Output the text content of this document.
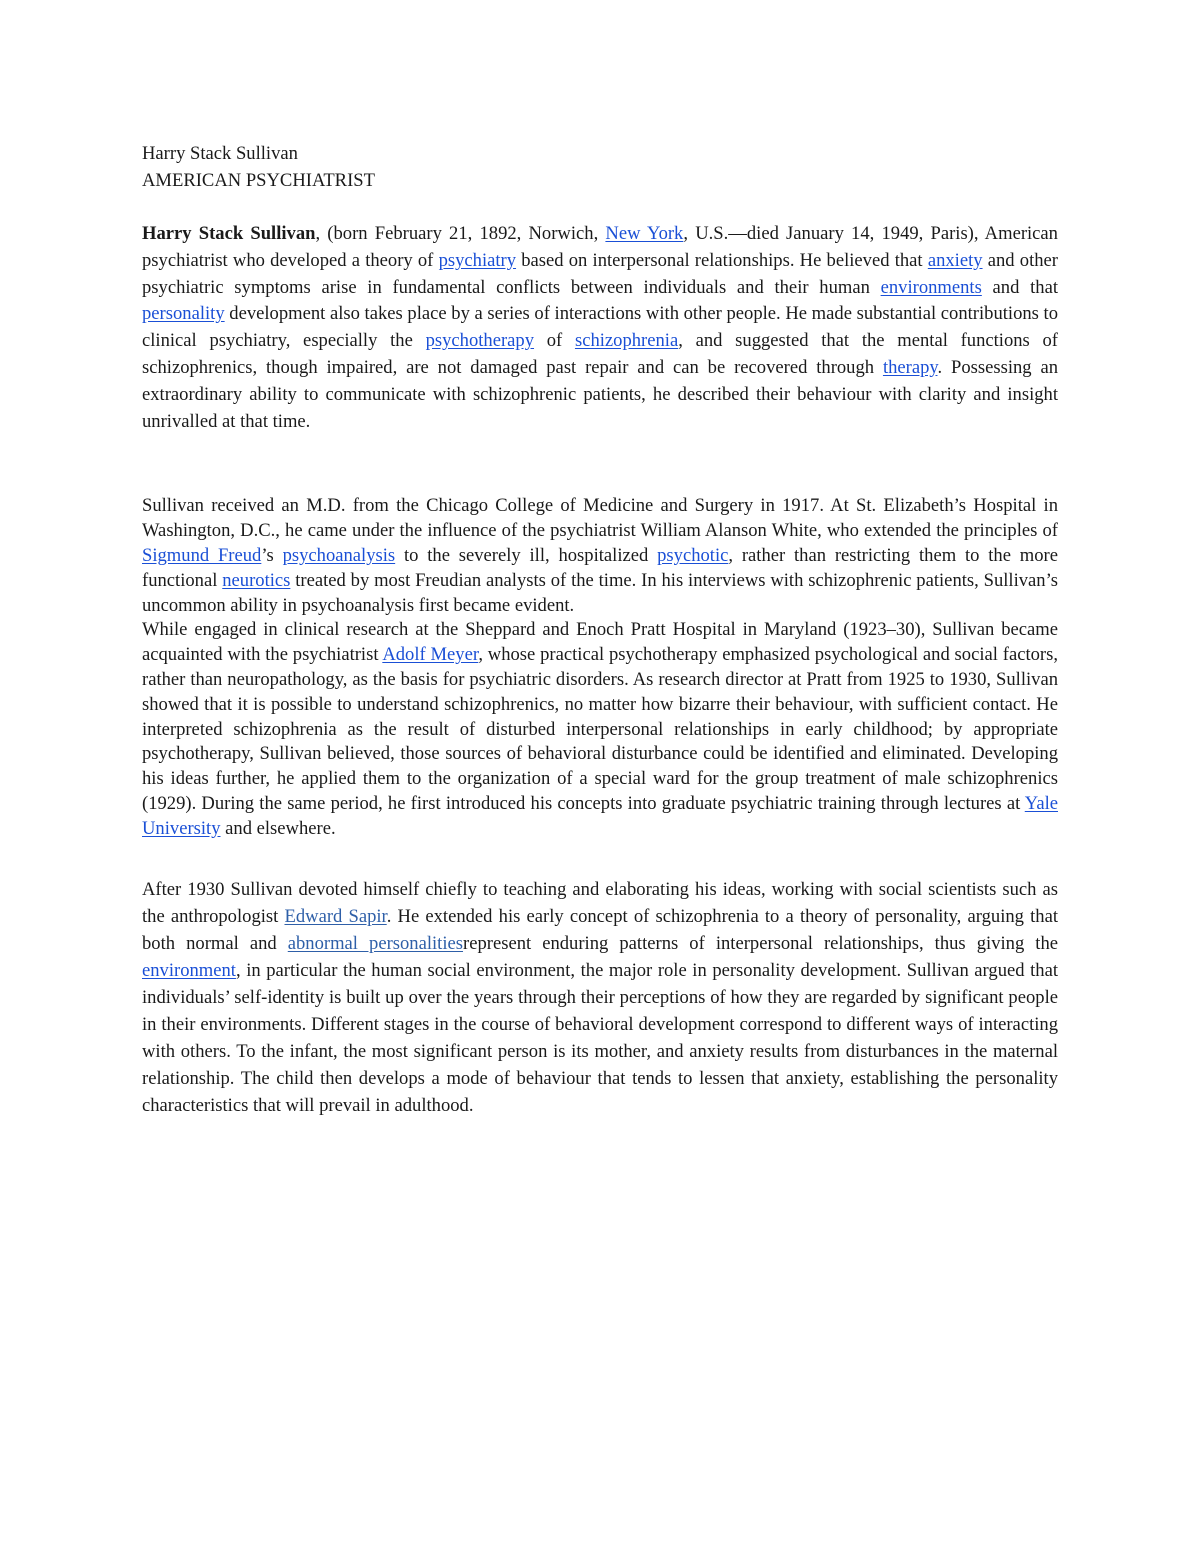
Harry Stack Sullivan

AMERICAN PSYCHIATRIST

Harry Stack Sullivan, (born February 21, 1892, Norwich, New York, U.S.—died January 14, 1949, Paris), American psychiatrist who developed a theory of psychiatry based on interpersonal relationships. He believed that anxiety and other psychiatric symptoms arise in fundamental conflicts between individuals and their human environments and that personality development also takes place by a series of interactions with other people. He made substantial contributions to clinical psychiatry, especially the psychotherapy of schizophrenia, and suggested that the mental functions of schizophrenics, though impaired, are not damaged past repair and can be recovered through therapy. Possessing an extraordinary ability to communicate with schizophrenic patients, he described their behaviour with clarity and insight unrivalled at that time.

Sullivan received an M.D. from the Chicago College of Medicine and Surgery in 1917. At St. Elizabeth’s Hospital in Washington, D.C., he came under the influence of the psychiatrist William Alanson White, who extended the principles of Sigmund Freud’s psychoanalysis to the severely ill, hospitalized psychotic, rather than restricting them to the more functional neurotics treated by most Freudian analysts of the time. In his interviews with schizophrenic patients, Sullivan’s uncommon ability in psychoanalysis first became evident.

While engaged in clinical research at the Sheppard and Enoch Pratt Hospital in Maryland (1923–30), Sullivan became acquainted with the psychiatrist Adolf Meyer, whose practical psychotherapy emphasized psychological and social factors, rather than neuropathology, as the basis for psychiatric disorders. As research director at Pratt from 1925 to 1930, Sullivan showed that it is possible to understand schizophrenics, no matter how bizarre their behaviour, with sufficient contact. He interpreted schizophrenia as the result of disturbed interpersonal relationships in early childhood; by appropriate psychotherapy, Sullivan believed, those sources of behavioral disturbance could be identified and eliminated. Developing his ideas further, he applied them to the organization of a special ward for the group treatment of male schizophrenics (1929). During the same period, he first introduced his concepts into graduate psychiatric training through lectures at Yale University and elsewhere.

After 1930 Sullivan devoted himself chiefly to teaching and elaborating his ideas, working with social scientists such as the anthropologist Edward Sapir. He extended his early concept of schizophrenia to a theory of personality, arguing that both normal and abnormal personalitiesrepresent enduring patterns of interpersonal relationships, thus giving the environment, in particular the human social environment, the major role in personality development. Sullivan argued that individuals’ self-identity is built up over the years through their perceptions of how they are regarded by significant people in their environments. Different stages in the course of behavioral development correspond to different ways of interacting with others. To the infant, the most significant person is its mother, and anxiety results from disturbances in the maternal relationship. The child then develops a mode of behaviour that tends to lessen that anxiety, establishing the personality characteristics that will prevail in adulthood.
